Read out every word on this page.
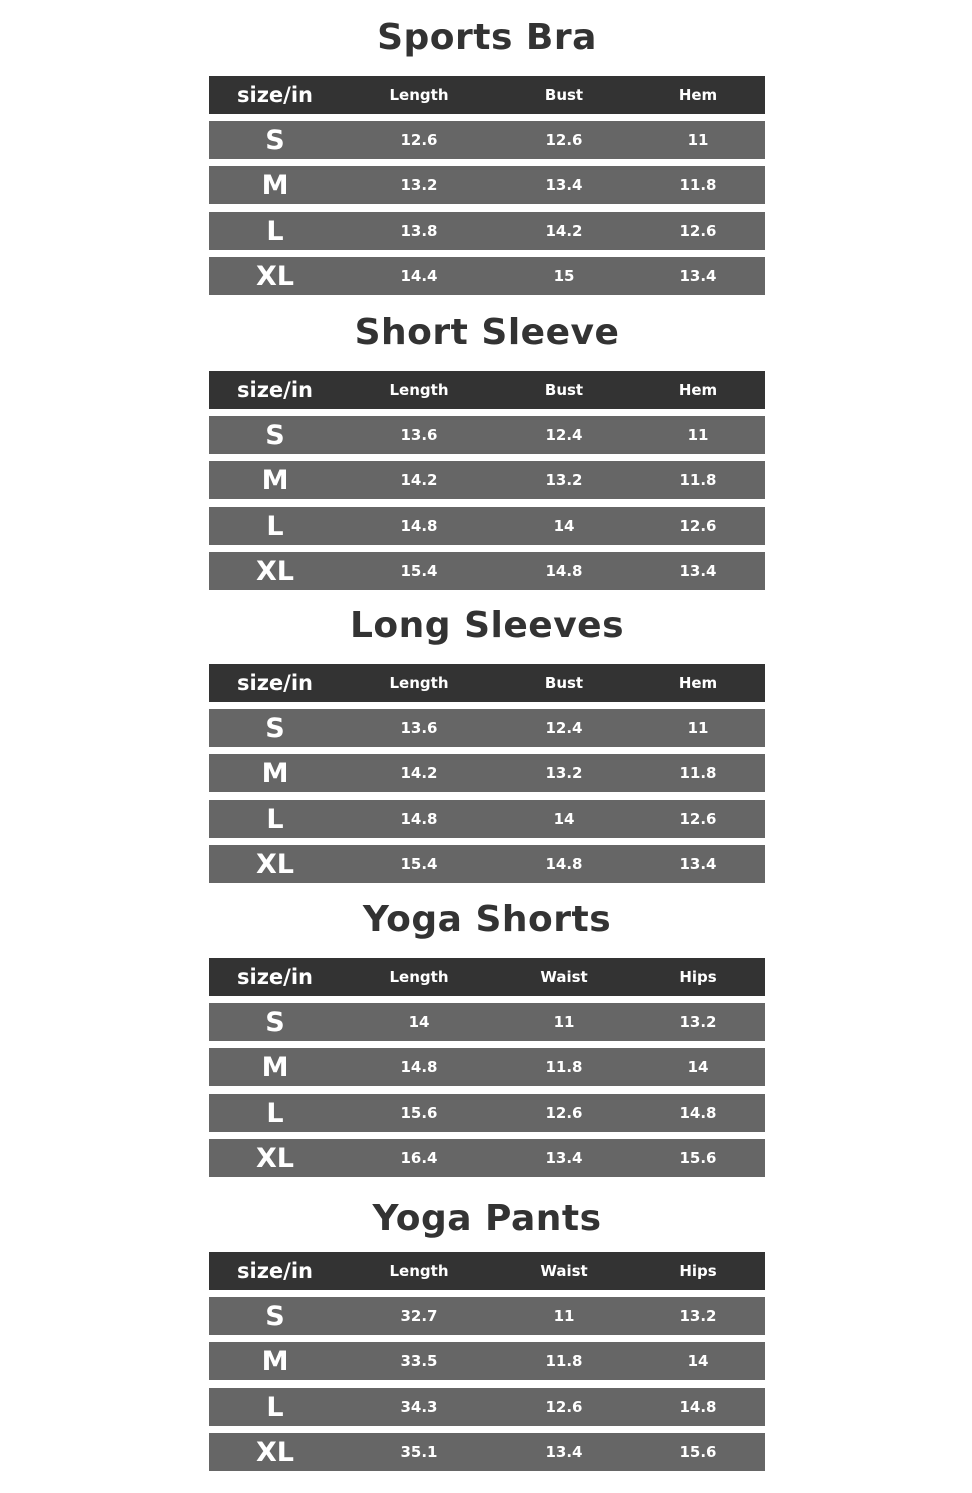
Sports Bra
size/in	Length	Bust	Hem
S	12.6	12.6	11
M	13.2	13.4	11.8
L	13.8	14.2	12.6
XL	14.4	15	13.4
Short Sleeve
size/in	Length	Bust	Hem
S	13.6	12.4	11
M	14.2	13.2	11.8
L	14.8	14	12.6
XL	15.4	14.8	13.4
Long Sleeves
size/in	Length	Bust	Hem
S	13.6	12.4	11
M	14.2	13.2	11.8
L	14.8	14	12.6
XL	15.4	14.8	13.4
Yoga Shorts
size/in	Length	Waist	Hips
S	14	11	13.2
M	14.8	11.8	14
L	15.6	12.6	14.8
XL	16.4	13.4	15.6
Yoga Pants
size/in	Length	Waist	Hips
S	32.7	11	13.2
M	33.5	11.8	14
L	34.3	12.6	14.8
XL	35.1	13.4	15.6
